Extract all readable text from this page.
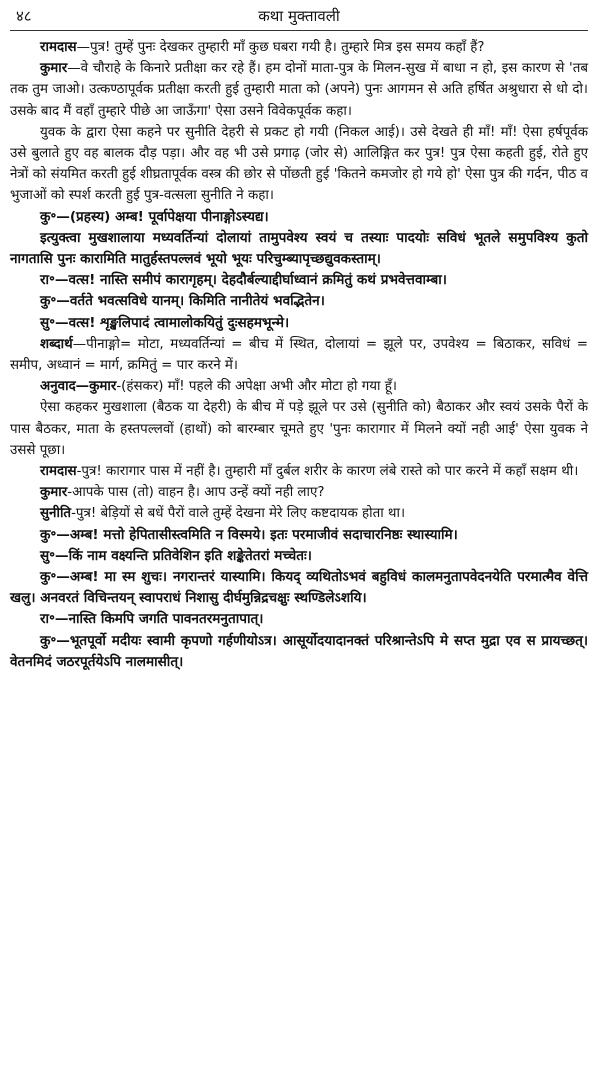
४८	कथा मुक्तावली

रामदास—पुत्र! तुम्हें पुनः देखकर तुम्हारी माँ कुछ घबरा गयी है। तुम्हारे मित्र इस समय कहाँ हैं?

कुमार—वे चौराहे के किनारे प्रतीक्षा कर रहे हैं। हम दोनों माता-पुत्र के मिलन-सुख में बाधा न हो, इस कारण से 'तब तक तुम जाओ। उत्कण्ठापूर्वक प्रतीक्षा करती हुई तुम्हारी माता को (अपने) पुनः आगमन से अति हर्षित अश्रुधारा से धो दो। उसके बाद मैं वहाँ तुम्हारे पीछे आ जाऊँगा' ऐसा उसने विवेकपूर्वक कहा।

युवक के द्वारा ऐसा कहने पर सुनीति देहरी से प्रकट हो गयी (निकल आई)। उसे देखते ही माँ! माँ! ऐसा हर्षपूर्वक उसे बुलाते हुए वह बालक दौड़ पड़ा। और वह भी उसे प्रगाढ़ (जोर से) आलिङ्गित कर पुत्र! पुत्र ऐसा कहती हुई, रोते हुए नेत्रों को संयमित करती हुई शीघ्रतापूर्वक वस्त्र की छोर से पोंछती हुई 'कितने कमजोर हो गये हो' ऐसा पुत्र की गर्दन, पीठ व भुजाओं को स्पर्श करती हुई पुत्र-वत्सला सुनीति ने कहा।

कु॰—(प्रहस्य) अम्ब! पूर्वापेक्षया पीनाङ्गोऽस्यद्य।

इत्युक्त्वा मुखशालाया मध्यवर्तिन्यां दोलायां तामुपवेश्य स्वयं च तस्याः पादयोः सविधं भूतले समुपविश्य कुतो नागतासि पुनः कारामिति मातुर्हस्तपल्लवं भूयो भूयः परिचुम्ब्यापृच्छद्युवकस्ताम्।

रा॰—वत्स! नास्ति समीपं कारागृहम्। देहदौर्बल्याद्दीर्घाध्वानं क्रमितुं कथं प्रभवेत्तवाम्बा।

कु॰—वर्तते भवत्सविधे यानम्। किमिति नानीतेयं भवद्भितेन।

सु॰—वत्स! शृङ्खलिपादं त्वामालोकयितुं दुःसहमभून्मे।

शब्दार्थ—पीनाङ्गो= मोटा, मध्यवर्तिन्यां = बीच में स्थित, दोलायां = झूले पर, उपवेश्य = बिठाकर, सविधं = समीप, अध्वानं = मार्ग, क्रमितुं = पार करने में।

अनुवाद—कुमार-(हंसकर) माँ! पहले की अपेक्षा अभी और मोटा हो गया हूँ।

ऐसा कहकर मुखशाला (बैठक या देहरी) के बीच में पड़े झूले पर उसे (सुनीति को) बैठाकर और स्वयं उसके पैरों के पास बैठकर, माता के हस्तपल्लवों (हाथों) को बारम्बार चूमते हुए 'पुनः कारागार में मिलने क्यों नही आई' ऐसा युवक ने उससे पूछा।

रामदास-पुत्र! कारागार पास में नहीं है। तुम्हारी माँ दुर्बल शरीर के कारण लंबे रास्ते को पार करने में कहाँ सक्षम थी।

कुमार-आपके पास (तो) वाहन है। आप उन्हें क्यों नही लाए?

सुनीति-पुत्र! बेड़ियों से बधें पैरों वाले तुम्हें देखना मेरे लिए कष्टदायक होता था।

कु॰—अम्ब! मत्तो हेपितासीस्त्वमिति न विस्मये। इतः परमाजीवं सदाचारनिष्ठः स्थास्यामि।

सु॰—किं नाम वक्ष्यन्ति प्रतिवेशिन इति शङ्केतेतरां मच्चेतः।

कु॰—अम्ब! मा स्म शुचः। नगरान्तरं यास्यामि। कियद् व्यथितोऽभवं बहुविधं कालमनुतापवेदनयेति परमात्मैव वेत्ति खलु। अनवरतं विचिन्तयन् स्वापराधं निशासु दीर्घमुन्निद्रचक्षुः स्थण्डिलेऽशयि।

रा॰—नास्ति किमपि जगति पावनतरमनुतापात्।

कु॰—भूतपूर्वो मदीयः स्वामी कृपणो गर्हणीयोऽत्र। आसूर्योदयादानक्तं परिश्रान्तेऽपि मे सप्त मुद्रा एव स प्रायच्छत्। वेतनमिदं जठरपूर्तयेऽपि नालमासीत्।
